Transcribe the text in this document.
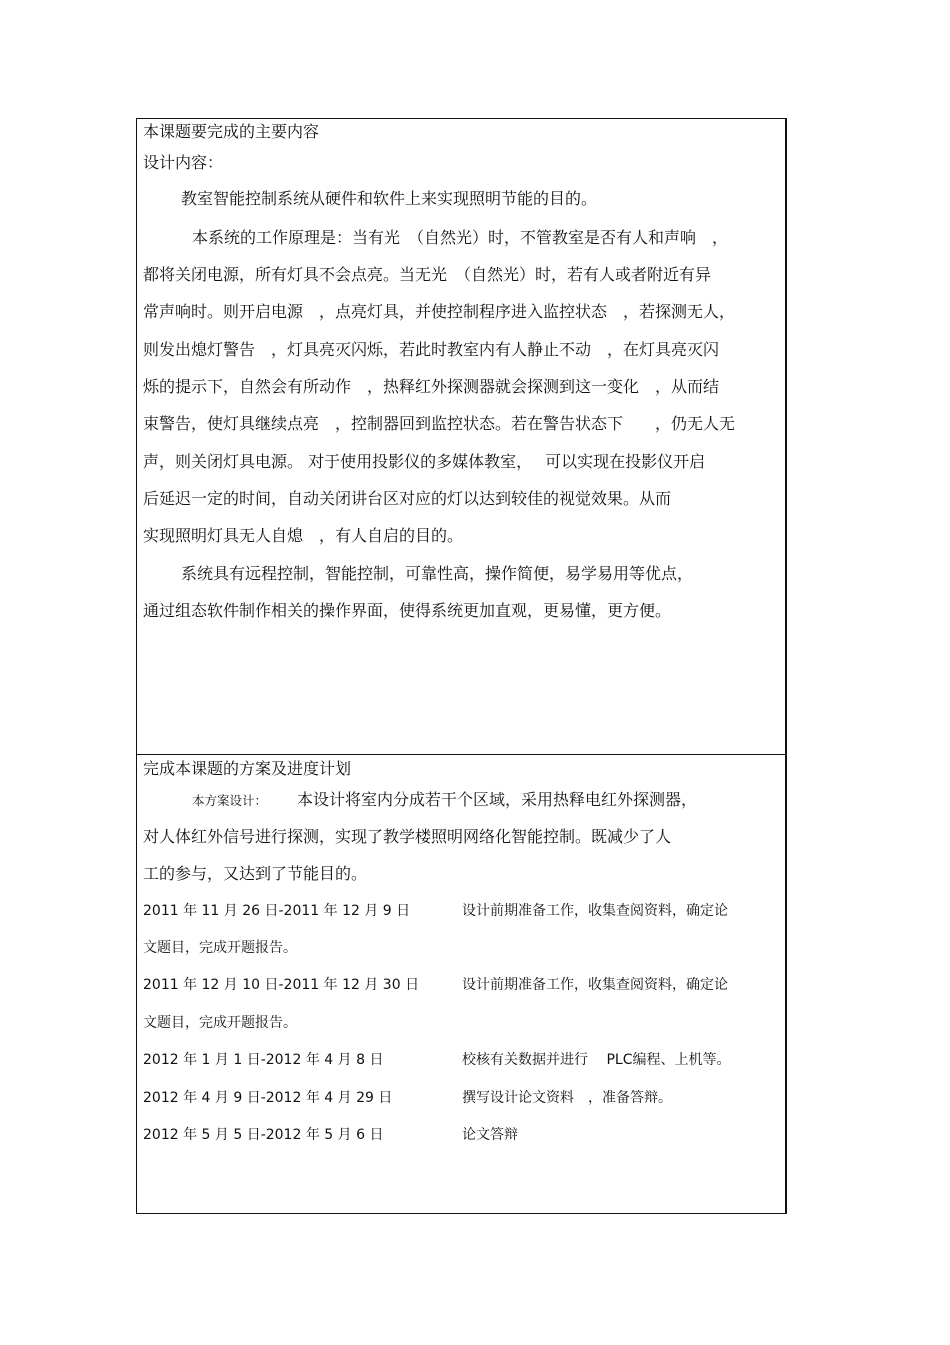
本课题要完成的主要内容
设计内容：
教室智能控制系统从硬件和软件上来实现照明节能的目的。
本系统的工作原理是：当有光　（自然光）时，不管教室是否有人和声响　，
都将关闭电源，所有灯具不会点亮。当无光　（自然光）时，若有人或者附近有异
常声响时。则开启电源　，点亮灯具，并使控制程序进入监控状态　，若探测无人，
则发出熄灯警告　，灯具亮灭闪烁，若此时教室内有人静止不动　，在灯具亮灭闪
烁的提示下，自然会有所动作　，热释红外探测器就会探测到这一变化　，从而结
束警告，使灯具继续点亮　，控制器回到监控状态。若在警告状态下　　，仍无人无
声，则关闭灯具电源。 对于使用投影仪的多媒体教室，　 可以实现在投影仪开启
后延迟一定的时间，自动关闭讲台区对应的灯以达到较佳的视觉效果。从而
实现照明灯具无人自熄　，有人自启的目的。
系统具有远程控制，智能控制，可靠性高，操作简便，易学易用等优点，
通过组态软件制作相关的操作界面，使得系统更加直观，更易懂，更方便。
完成本课题的方案及进度计划
本方案设计： 本设计将室内分成若干个区域，采用热释电红外探测器，
对人体红外信号进行探测，实现了教学楼照明网络化智能控制。既减少了人
工的参与，又达到了节能目的。
2011 年 11 月 26 日-2011 年 12 月 9 日	设计前期准备工作，收集查阅资料，确定论
文题目，完成开题报告。
2011 年 12 月 10 日-2011 年 12 月 30 日	设计前期准备工作，收集查阅资料，确定论
文题目，完成开题报告。
2012 年 1 月 1 日-2012 年 4 月 8 日	校核有关数据并进行　 PLC编程、上机等。
2012 年 4 月 9 日-2012 年 4 月 29 日	撰写设计论文资料　，准备答辩。
2012 年 5 月 5 日-2012 年 5 月 6 日	论文答辩
